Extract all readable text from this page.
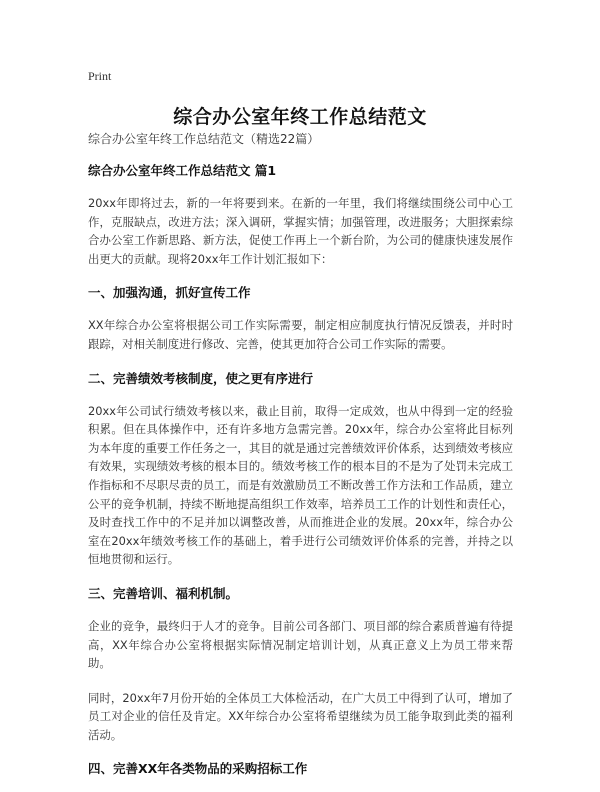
Print
综合办公室年终工作总结范文
综合办公室年终工作总结范文（精选22篇）
综合办公室年终工作总结范文 篇1
20xx年即将过去，新的一年将要到来。在新的一年里，我们将继续围绕公司中心工作，克服缺点，改进方法；深入调研，掌握实情；加强管理，改进服务；大胆探索综合办公室工作新思路、新方法，促使工作再上一个新台阶，为公司的健康快速发展作出更大的贡献。现将20xx年工作计划汇报如下：
一、加强沟通，抓好宣传工作
XX年综合办公室将根据公司工作实际需要，制定相应制度执行情况反馈表，并时时跟踪，对相关制度进行修改、完善，使其更加符合公司工作实际的需要。
二、完善绩效考核制度，使之更有序进行
20xx年公司试行绩效考核以来，截止目前，取得一定成效，也从中得到一定的经验积累。但在具体操作中，还有许多地方急需完善。20xx年，综合办公室将此目标列为本年度的重要工作任务之一，其目的就是通过完善绩效评价体系，达到绩效考核应有效果，实现绩效考核的根本目的。绩效考核工作的根本目的不是为了处罚未完成工作指标和不尽职尽责的员工，而是有效激励员工不断改善工作方法和工作品质，建立公平的竞争机制，持续不断地提高组织工作效率，培养员工工作的计划性和责任心，及时查找工作中的不足并加以调整改善，从而推进企业的发展。20xx年，综合办公室在20xx年绩效考核工作的基础上，着手进行公司绩效评价体系的完善，并持之以恒地贯彻和运行。
三、完善培训、福利机制。
企业的竞争，最终归于人才的竞争。目前公司各部门、项目部的综合素质普遍有待提高，XX年综合办公室将根据实际情况制定培训计划，从真正意义上为员工带来帮助。
同时，20xx年7月份开始的全体员工大体检活动，在广大员工中得到了认可，增加了员工对企业的信任及肯定。XX年综合办公室将希望继续为员工能争取到此类的福利活动。
四、完善XX年各类物品的采购招标工作
